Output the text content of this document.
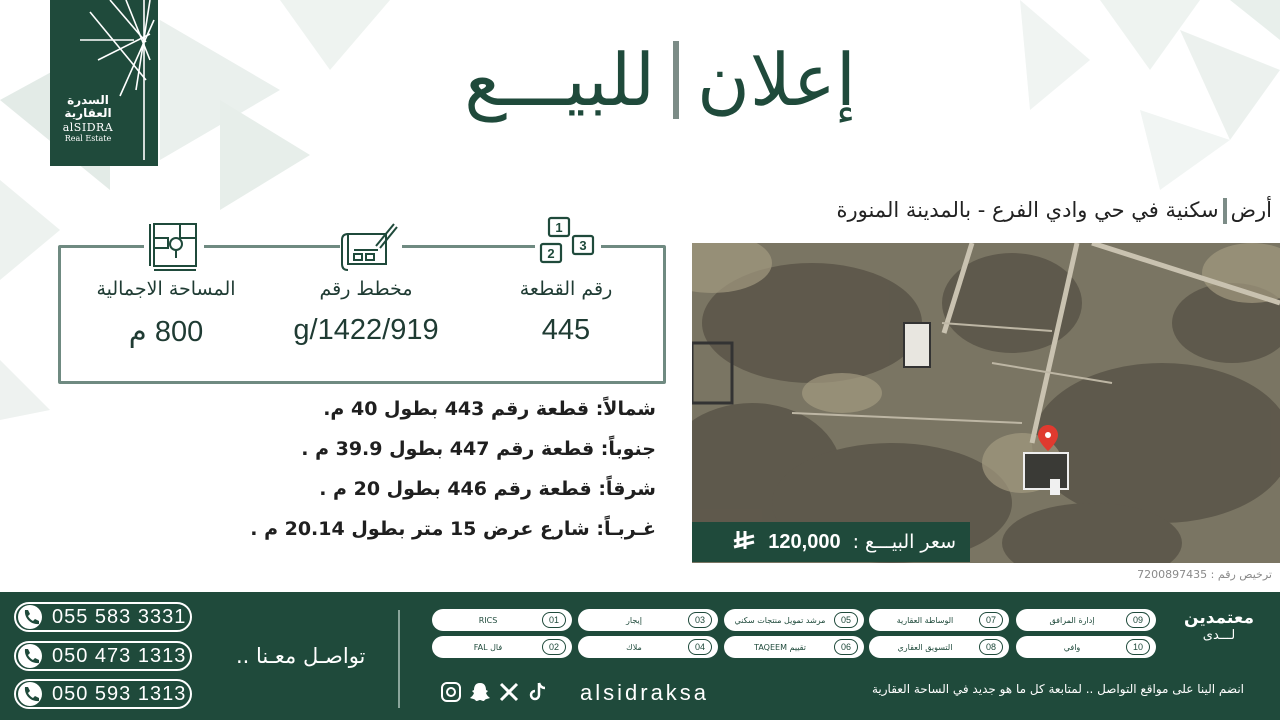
السدرة
العقارية
alSIDRA
Real Estate
إعلان
للبيـــع
أرضسكنية في حي وادي الفرع - بالمدينة المنورة
رقم القطعة
445
مخطط رقم
919/g/1422
المساحة الاجمالية
800 م
1
2
3
شمالاً: قطعة رقم 443 بطول 40 م.
جنوباً: قطعة رقم 447 بطول 39.9 م .
شرقاً: قطعة رقم 446 بطول 20 م .
غـربـاً: شارع عرض 15 متر بطول 20.14 م .
سعر البيـــع :
120,000
ترخيص رقم : 7200897435
055 583 3331
050 473 1313
050 593 1313
تواصـل معـنا ..
alsidraksa
09
إدارة المرافق
07
الوساطة العقارية
05
مرشد تمويل منتجات سكني
03
إيجار
01
RICS
10
وافي
08
التسويق العقاري
06
تقييم TAQEEM
04
ملاك
02
فال FAL
معتمدين
لـــدى
انضم الينا على مواقع التواصل .. لمتابعة كل ما هو جديد في الساحة العقارية
